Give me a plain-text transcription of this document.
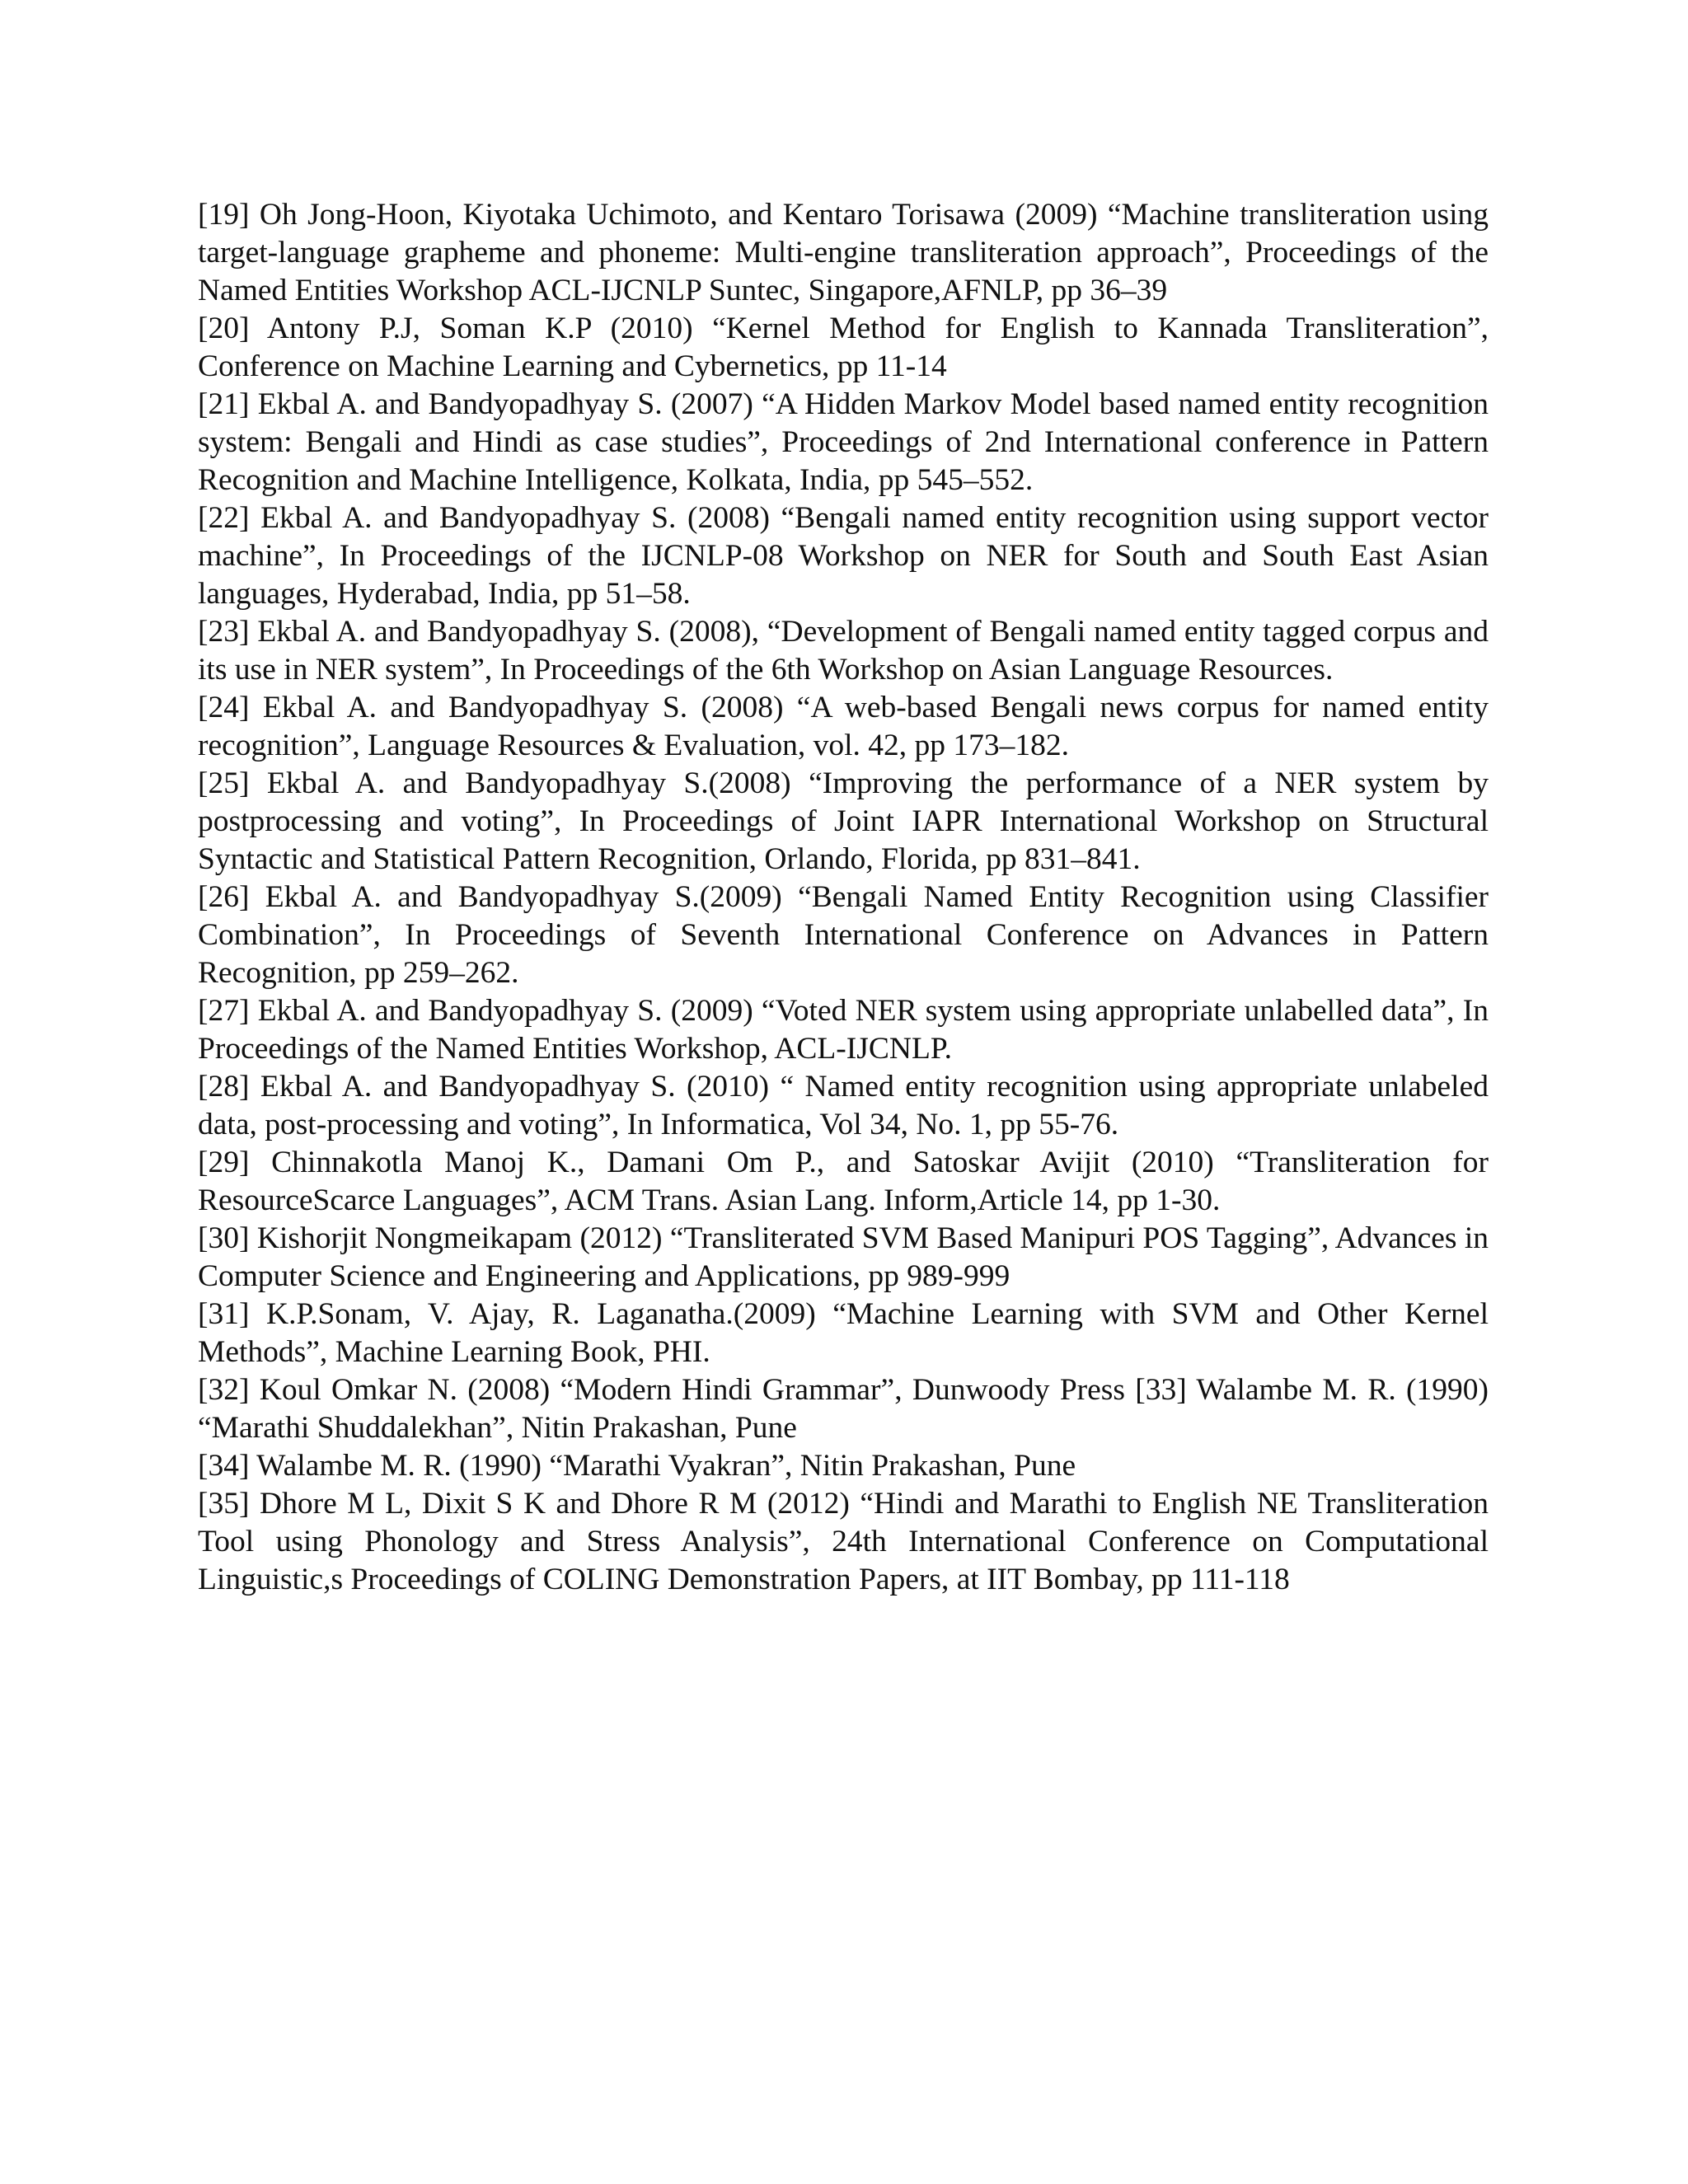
[19] Oh Jong-Hoon, Kiyotaka Uchimoto, and Kentaro Torisawa (2009) “Machine transliteration using target-language grapheme and phoneme: Multi-engine transliteration approach”, Proceedings of the Named Entities Workshop ACL-IJCNLP Suntec, Singapore,AFNLP, pp 36–39

[20] Antony P.J, Soman K.P (2010) “Kernel Method for English to Kannada Transliteration”, Conference on Machine Learning and Cybernetics, pp 11-14

[21] Ekbal A. and Bandyopadhyay S. (2007) “A Hidden Markov Model based named entity recognition system: Bengali and Hindi as case studies”, Proceedings of 2nd International conference in Pattern Recognition and Machine Intelligence, Kolkata, India, pp 545–552.

[22] Ekbal A. and Bandyopadhyay S. (2008) “Bengali named entity recognition using support vector machine”, In Proceedings of the IJCNLP-08 Workshop on NER for South and South East Asian languages, Hyderabad, India, pp 51–58.

[23] Ekbal A. and Bandyopadhyay S. (2008), “Development of Bengali named entity tagged corpus and its use in NER system”, In Proceedings of the 6th Workshop on Asian Language Resources.

[24] Ekbal A. and Bandyopadhyay S. (2008) “A web-based Bengali news corpus for named entity recognition”, Language Resources & Evaluation, vol. 42, pp 173–182.

[25] Ekbal A. and Bandyopadhyay S.(2008) “Improving the performance of a NER system by postprocessing and voting”, In Proceedings of Joint IAPR International Workshop on Structural Syntactic and Statistical Pattern Recognition, Orlando, Florida, pp 831–841.

[26] Ekbal A. and Bandyopadhyay S.(2009) “Bengali Named Entity Recognition using Classifier Combination”, In Proceedings of Seventh International Conference on Advances in Pattern Recognition, pp 259–262.

[27] Ekbal A. and Bandyopadhyay S. (2009) “Voted NER system using appropriate unlabelled data”, In Proceedings of the Named Entities Workshop, ACL-IJCNLP.

[28] Ekbal A. and Bandyopadhyay S. (2010) “ Named entity recognition using appropriate unlabeled data, post-processing and voting”, In Informatica, Vol 34, No. 1, pp 55-76.

[29] Chinnakotla Manoj K., Damani Om P., and Satoskar Avijit (2010) “Transliteration for ResourceScarce Languages”, ACM Trans. Asian Lang. Inform,Article 14, pp 1-30.

[30] Kishorjit Nongmeikapam (2012) “Transliterated SVM Based Manipuri POS Tagging”, Advances in Computer Science and Engineering and Applications, pp 989-999

[31] K.P.Sonam, V. Ajay, R. Laganatha.(2009) “Machine Learning with SVM and Other Kernel Methods”, Machine Learning Book, PHI.

[32] Koul Omkar N. (2008) “Modern Hindi Grammar”, Dunwoody Press [33] Walambe M. R. (1990) “Marathi Shuddalekhan”, Nitin Prakashan, Pune

[34] Walambe M. R. (1990) “Marathi Vyakran”, Nitin Prakashan, Pune

[35] Dhore M L, Dixit S K and Dhore R M (2012) “Hindi and Marathi to English NE Transliteration Tool using Phonology and Stress Analysis”, 24th International Conference on Computational Linguistic,s Proceedings of COLING Demonstration Papers, at IIT Bombay, pp 111-118
